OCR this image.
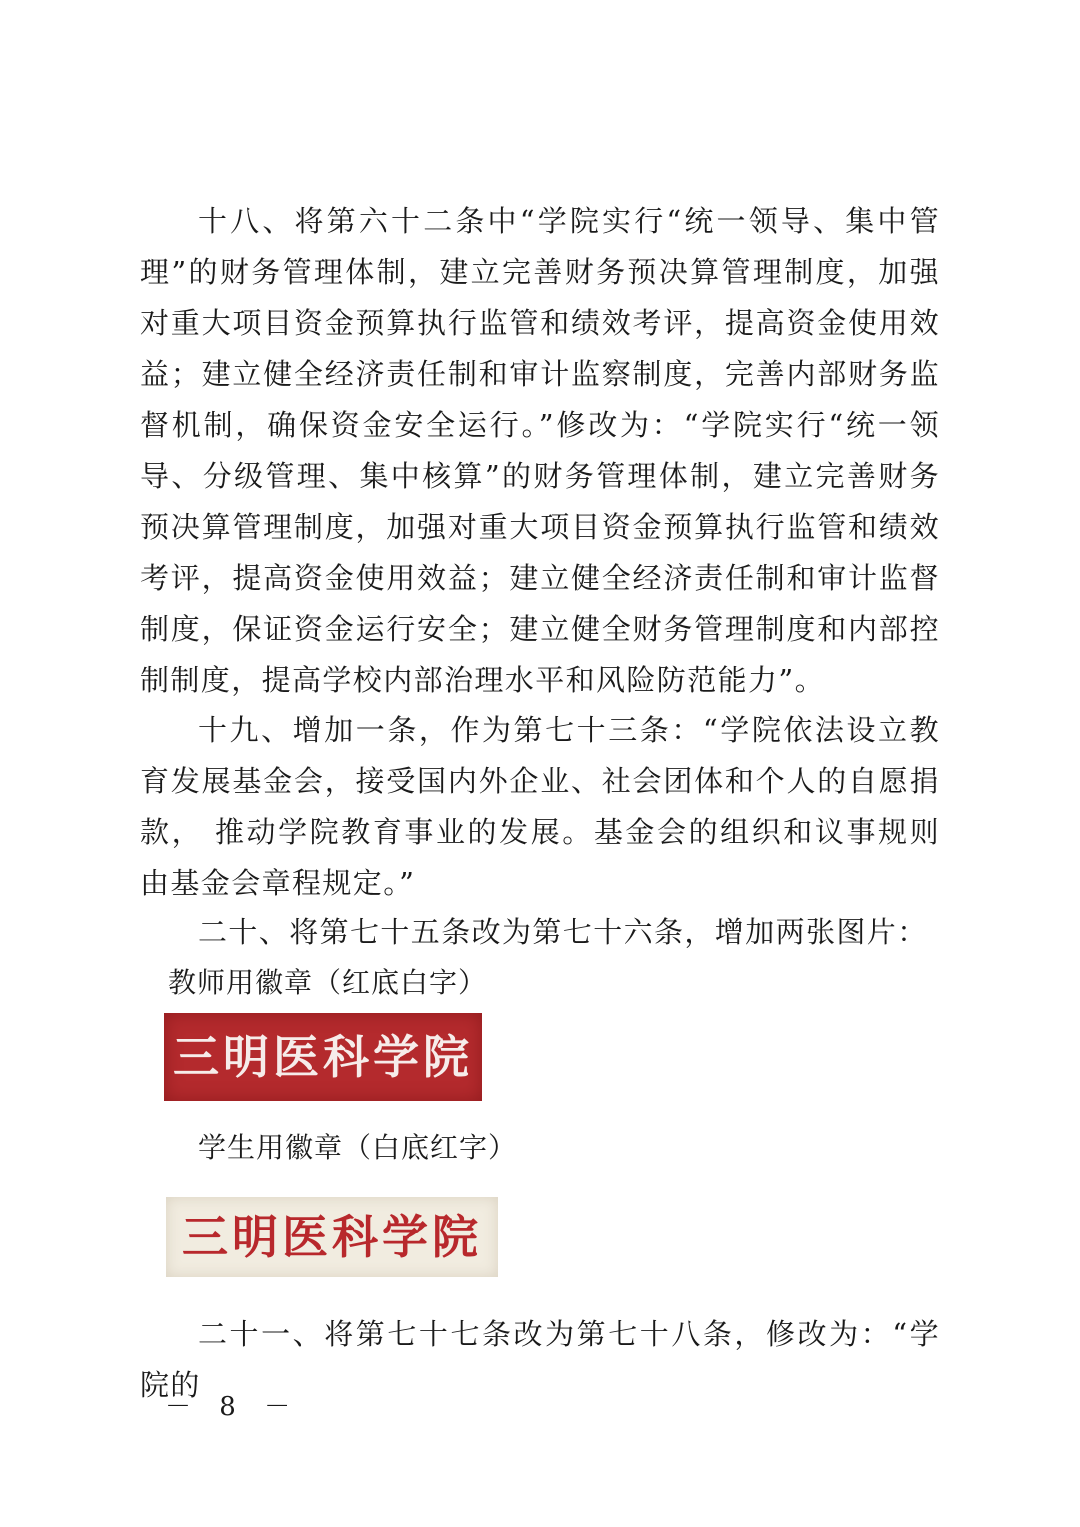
十八、将第六十二条中“学院实行“统一领导、集中管理”的财务管理体制，建立完善财务预决算管理制度，加强对重大项目资金预算执行监管和绩效考评，提高资金使用效益；建立健全经济责任制和审计监察制度，完善内部财务监督机制，确保资金安全运行。”修改为：“学院实行“统一领导、分级管理、集中核算”的财务管理体制，建立完善财务预决算管理制度，加强对重大项目资金预算执行监管和绩效考评，提高资金使用效益；建立健全经济责任制和审计监督制度，保证资金运行安全；建立健全财务管理制度和内部控制制度，提高学校内部治理水平和风险防范能力”。

十九、增加一条，作为第七十三条：“学院依法设立教育发展基金会，接受国内外企业、社会团体和个人的自愿捐款， 推动学院教育事业的发展。基金会的组织和议事规则由基金会章程规定。”

二十、将第七十五条改为第七十六条，增加两张图片：

教师用徽章（红底白字）

三明医科学院

学生用徽章（白底红字）

三明医科学院

二十一、将第七十七条改为第七十八条，修改为：“学院的

－ 8 －
